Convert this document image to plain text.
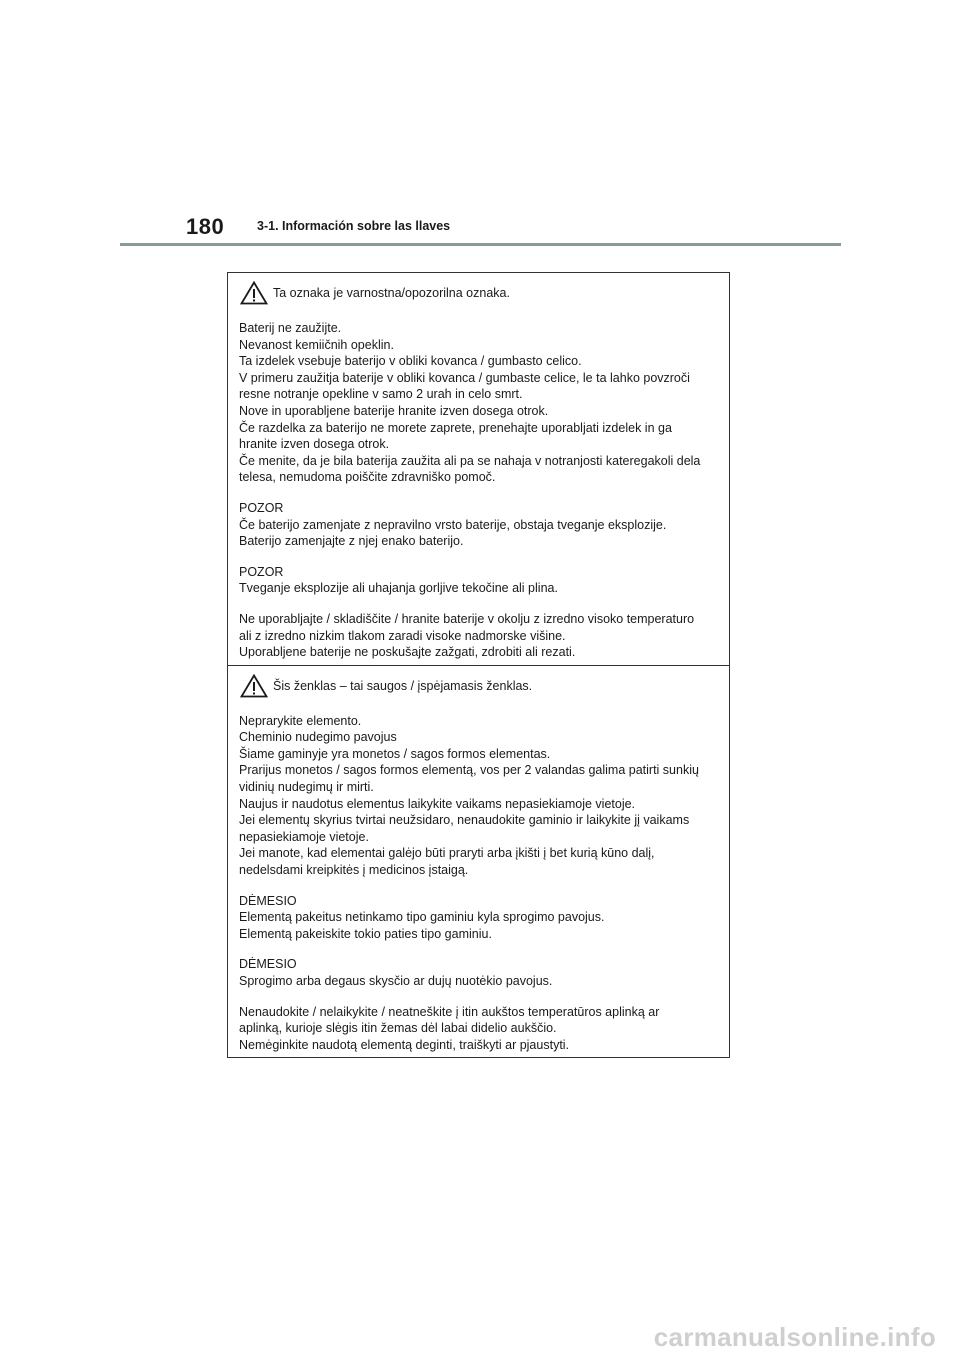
180	3-1. Información sobre las llaves
Ta oznaka je varnostna/opozorilna oznaka.
Baterij ne zaužijte.
Nevanost kemiičnih opeklin.
Ta izdelek vsebuje baterijo v obliki kovanca / gumbasto celico.
V primeru zaužitja baterije v obliki kovanca / gumbaste celice, le ta lahko povzroči
resne notranje opekline v samo 2 urah in celo smrt.
Nove in uporabljene baterije hranite izven dosega otrok.
Če razdelka za baterijo ne morete zaprete, prenehajte uporabljati izdelek in ga
hranite izven dosega otrok.
Če menite, da je bila baterija zaužita ali pa se nahaja v notranjosti kateregakoli dela
telesa, nemudoma poiščite zdravniško pomoč.
POZOR
Če baterijo zamenjate z nepravilno vrsto baterije, obstaja tveganje eksplozije.
Baterijo zamenjajte z njej enako baterijo.
POZOR
Tveganje eksplozije ali uhajanja gorljive tekočine ali plina.
Ne uporabljajte / skladiščite / hranite baterije v okolju z izredno visoko temperaturo
ali z izredno nizkim tlakom zaradi visoke nadmorske višine.
Uporabljene baterije ne poskušajte zažgati, zdrobiti ali rezati.
Šis ženklas – tai saugos / įspėjamasis ženklas.
Neprarykite elemento.
Cheminio nudegimo pavojus
Šiame gaminyje yra monetos / sagos formos elementas.
Prarijus monetos / sagos formos elementą, vos per 2 valandas galima patirti sunkių
vidinių nudegimų ir mirti.
Naujus ir naudotus elementus laikykite vaikams nepasiekiamoje vietoje.
Jei elementų skyrius tvirtai neužsidaro, nenaudokite gaminio ir laikykite jį vaikams
nepasiekiamoje vietoje.
Jei manote, kad elementai galėjo būti praryti arba įkišti į bet kurią kūno dalį,
nedelsdami kreipkitės į medicinos įstaigą.
DĖMESIO
Elementą pakeitus netinkamo tipo gaminiu kyla sprogimo pavojus.
Elementą pakeiskite tokio paties tipo gaminiu.
DĖMESIO
Sprogimo arba degaus skysčio ar dujų nuotėkio pavojus.
Nenaudokite / nelaikykite / neatneškite į itin aukštos temperatūros aplinką ar
aplinką, kurioje slėgis itin žemas dėl labai didelio aukščio.
Nemėginkite naudotą elementą deginti, traiškyti ar pjaustyti.
carmanualsonline.info
